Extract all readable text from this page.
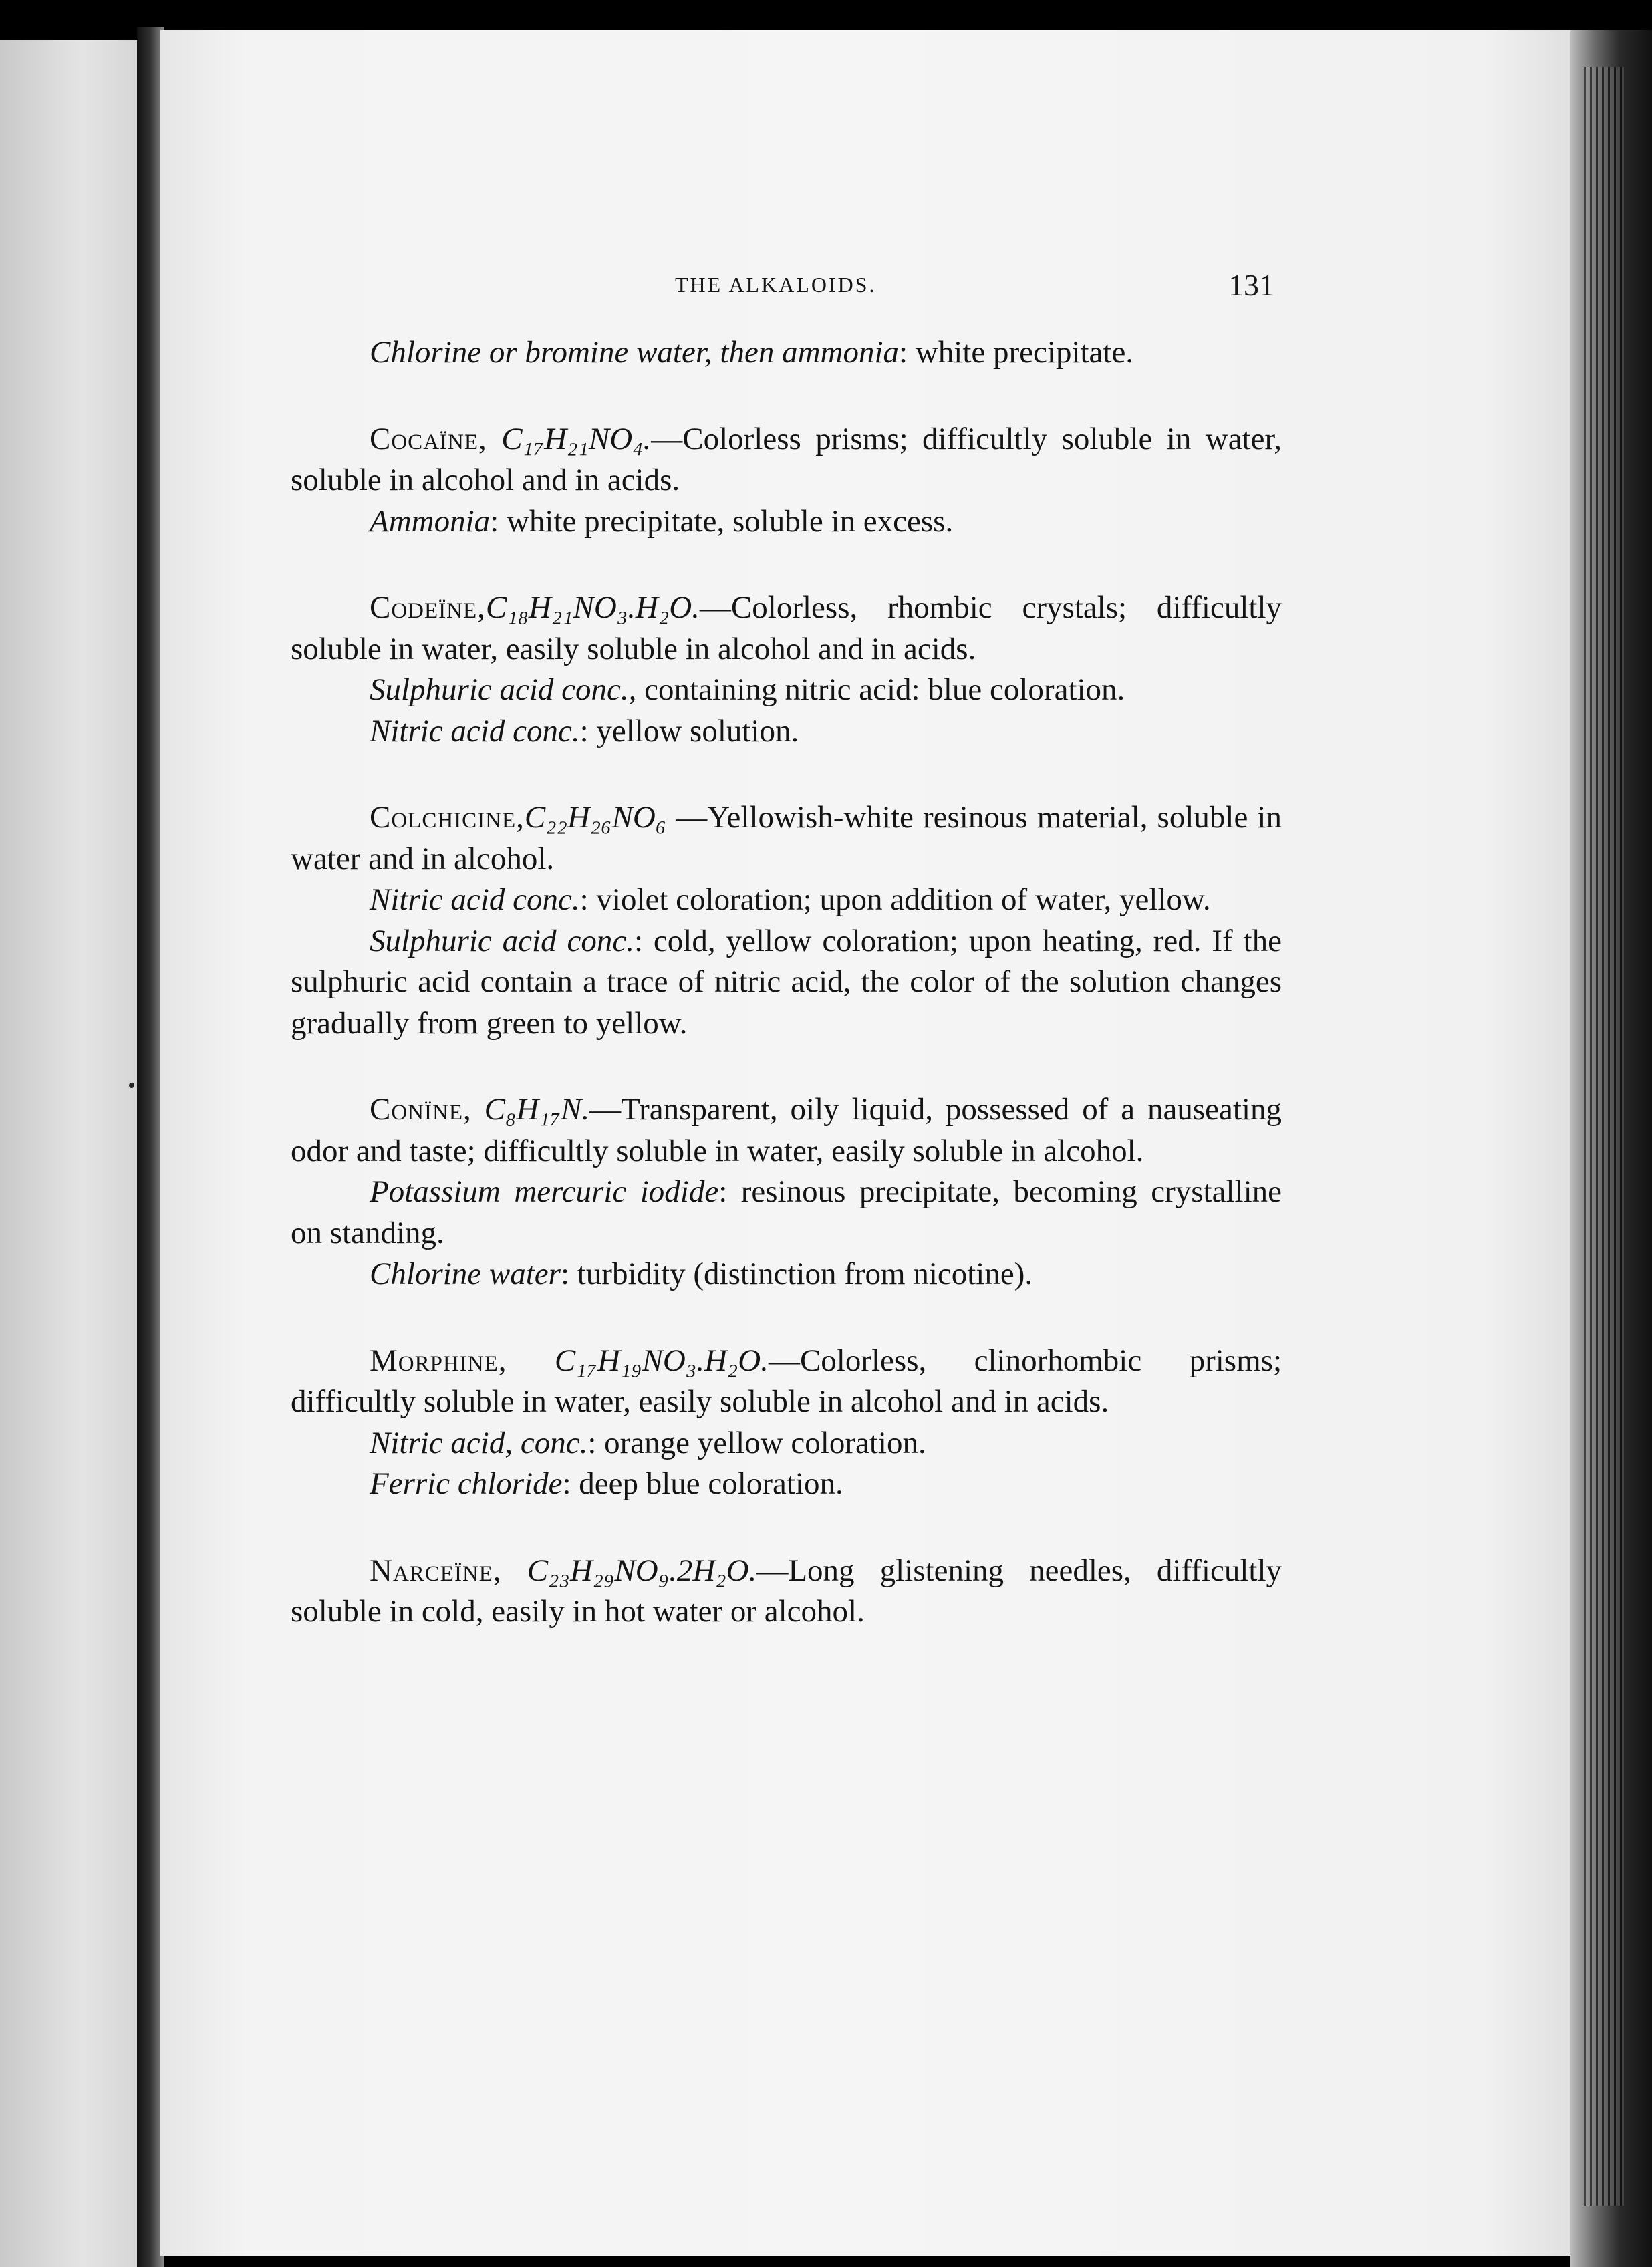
THE ALKALOIDS.	131

Chlorine or bromine water, then ammonia: white precipitate.

Cocaïne, C₁₇H₂₁NO₄.—Colorless prisms; difficultly soluble in water, soluble in alcohol and in acids.

Ammonia: white precipitate, soluble in excess.

Codeïne,C₁₈H₂₁NO₃.H₂O.—Colorless, rhombic crystals; difficultly soluble in water, easily soluble in alcohol and in acids.

Sulphuric acid conc., containing nitric acid: blue coloration.

Nitric acid conc.: yellow solution.

Colchicine,C₂₂H₂₆NO₆ —Yellowish-white resinous material, soluble in water and in alcohol.

Nitric acid conc.: violet coloration; upon addition of water, yellow.

Sulphuric acid conc.: cold, yellow coloration; upon heating, red. If the sulphuric acid contain a trace of nitric acid, the color of the solution changes gradually from green to yellow.

Conïne, C₈H₁₇N.—Transparent, oily liquid, possessed of a nauseating odor and taste; difficultly soluble in water, easily soluble in alcohol.

Potassium mercuric iodide: resinous precipitate, becoming crystalline on standing.

Chlorine water: turbidity (distinction from nicotine).

Morphine, C₁₇H₁₉NO₃.H₂O.—Colorless, clinorhombic prisms; difficultly soluble in water, easily soluble in alcohol and in acids.

Nitric acid, conc.: orange yellow coloration.

Ferric chloride: deep blue coloration.

Narceïne, C₂₃H₂₉NO₉.2H₂O.—Long glistening needles, difficultly soluble in cold, easily in hot water or alcohol.
